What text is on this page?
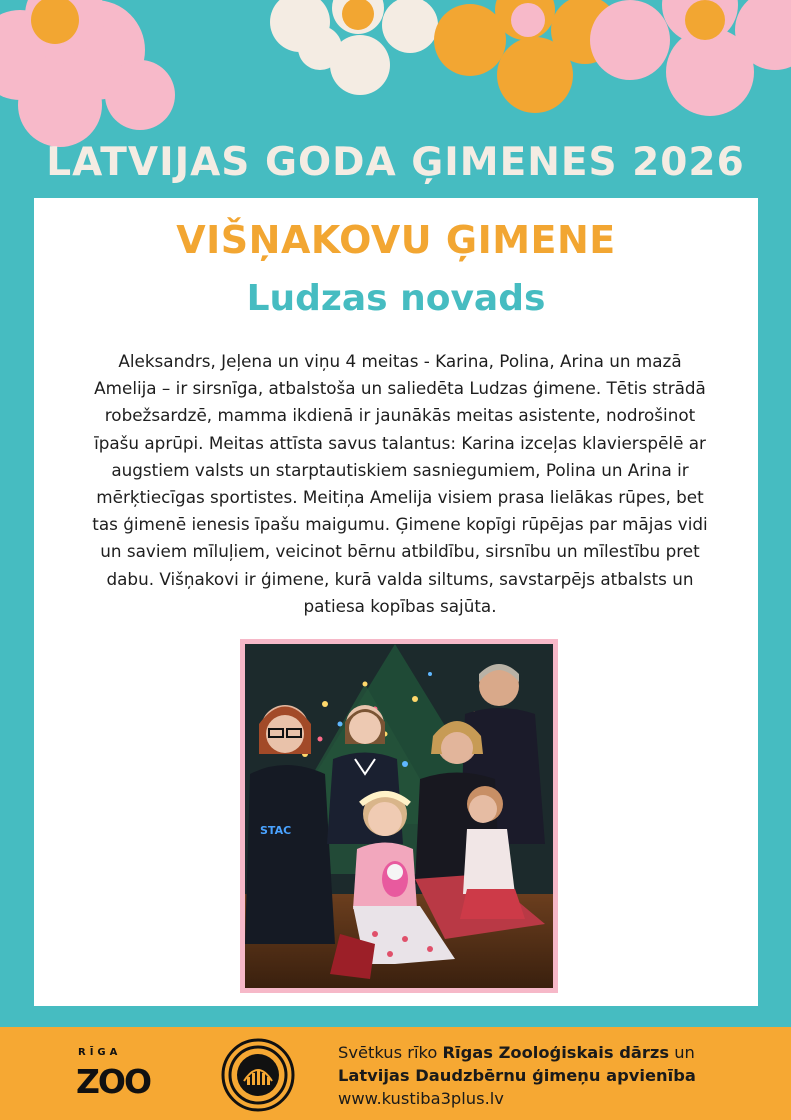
LATVIJAS GODA ĢIMENES 2026
VIŠŅAKOVU ĢIMENE
Ludzas novads
Aleksandrs, Jeļena un viņu 4 meitas - Karina, Polina, Arina un mazā Amelija – ir sirsnīga, atbalstoša un saliedēta Ludzas ģimene. Tētis strādā robežsardzē, mamma ikdienā ir jaunākās meitas asistente, nodrošinot īpašu aprūpi. Meitas attīsta savus talantus: Karina izceļas klavierspēlē ar augstiem valsts un starptautiskiem sasniegumiem, Polina un Arina ir mērķtiecīgas sportistes. Meitiņa Amelija visiem prasa lielākas rūpes, bet tas ģimenē ienesis īpašu maigumu. Ģimene kopīgi rūpējas par mājas vidi un saviem mīluļiem, veicinot bērnu atbildību, sirsnību un mīlestību pret dabu. Višņakovi ir ģimene, kurā valda siltums, savstarpējs atbalsts un patiesa kopības sajūta.
STAC
RĪGA
ZOO
Svētkus rīko Rīgas Zooloģiskais dārzs un
Latvijas Daudzbērnu ģimeņu apvienība
www.kustiba3plus.lv
